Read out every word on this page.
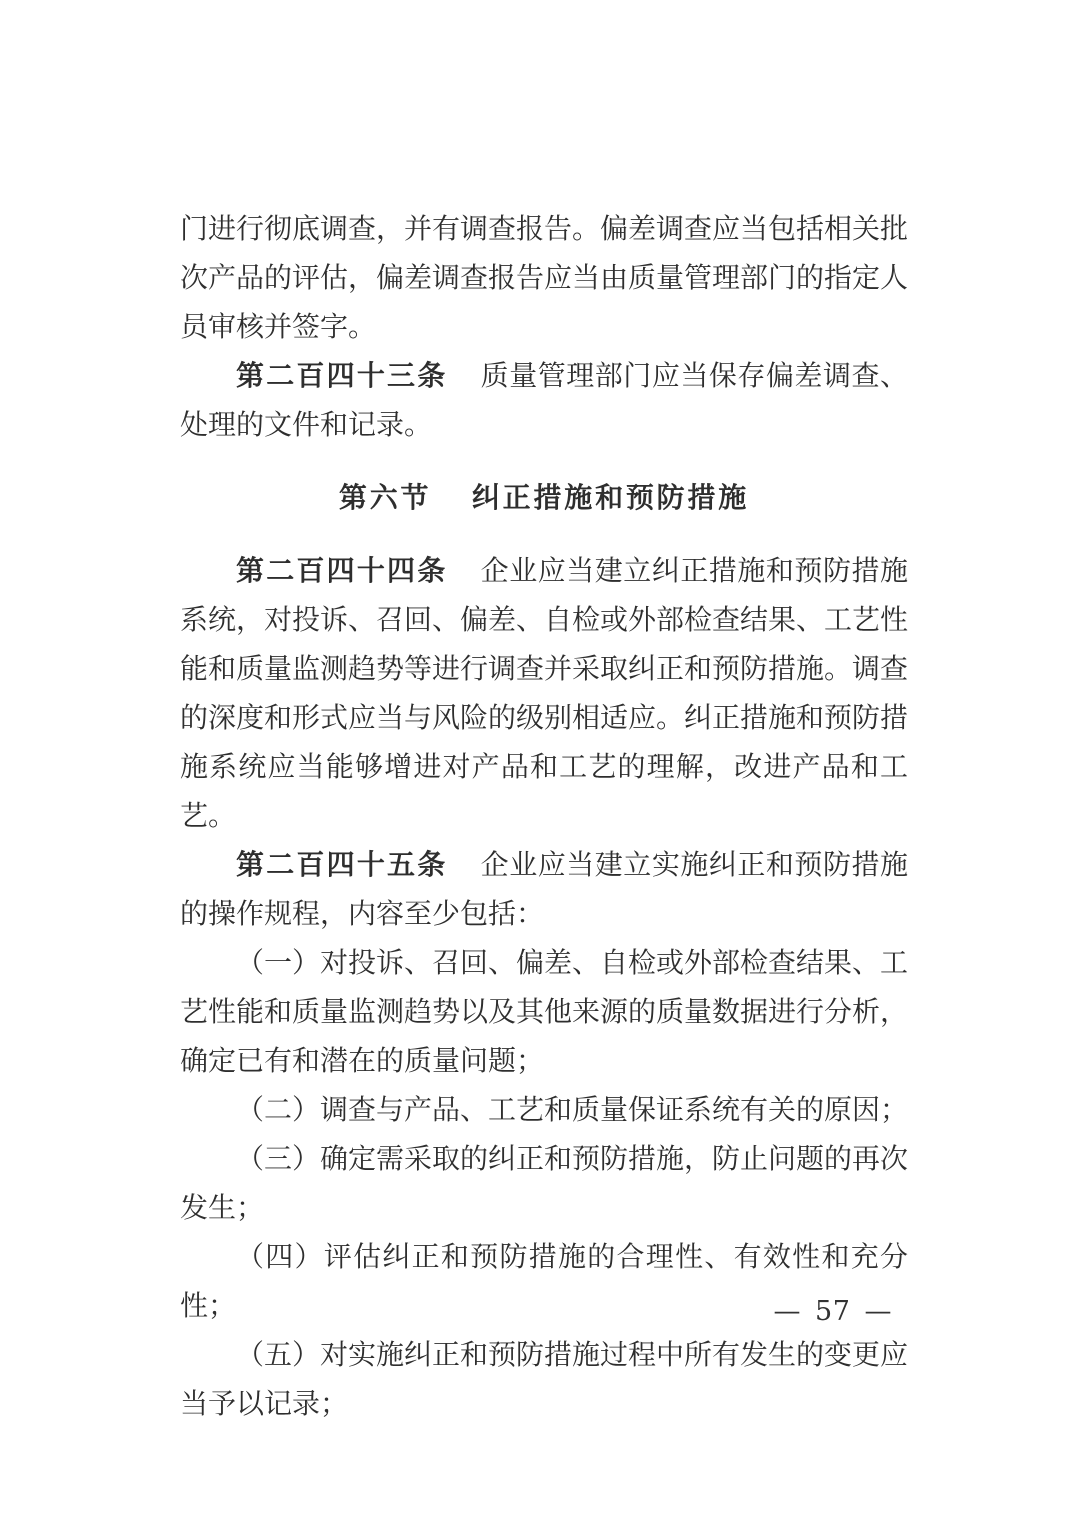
门进行彻底调查，并有调查报告。偏差调查应当包括相关批次产品的评估，偏差调查报告应当由质量管理部门的指定人员审核并签字。

第二百四十三条 质量管理部门应当保存偏差调查、处理的文件和记录。

第六节 纠正措施和预防措施

第二百四十四条 企业应当建立纠正措施和预防措施系统，对投诉、召回、偏差、自检或外部检查结果、工艺性能和质量监测趋势等进行调查并采取纠正和预防措施。调查的深度和形式应当与风险的级别相适应。纠正措施和预防措施系统应当能够增进对产品和工艺的理解，改进产品和工艺。

第二百四十五条 企业应当建立实施纠正和预防措施的操作规程，内容至少包括：

（一）对投诉、召回、偏差、自检或外部检查结果、工艺性能和质量监测趋势以及其他来源的质量数据进行分析，确定已有和潜在的质量问题；

（二）调查与产品、工艺和质量保证系统有关的原因；

（三）确定需采取的纠正和预防措施，防止问题的再次发生；

（四）评估纠正和预防措施的合理性、有效性和充分性；

（五）对实施纠正和预防措施过程中所有发生的变更应当予以记录；

— 57 —
